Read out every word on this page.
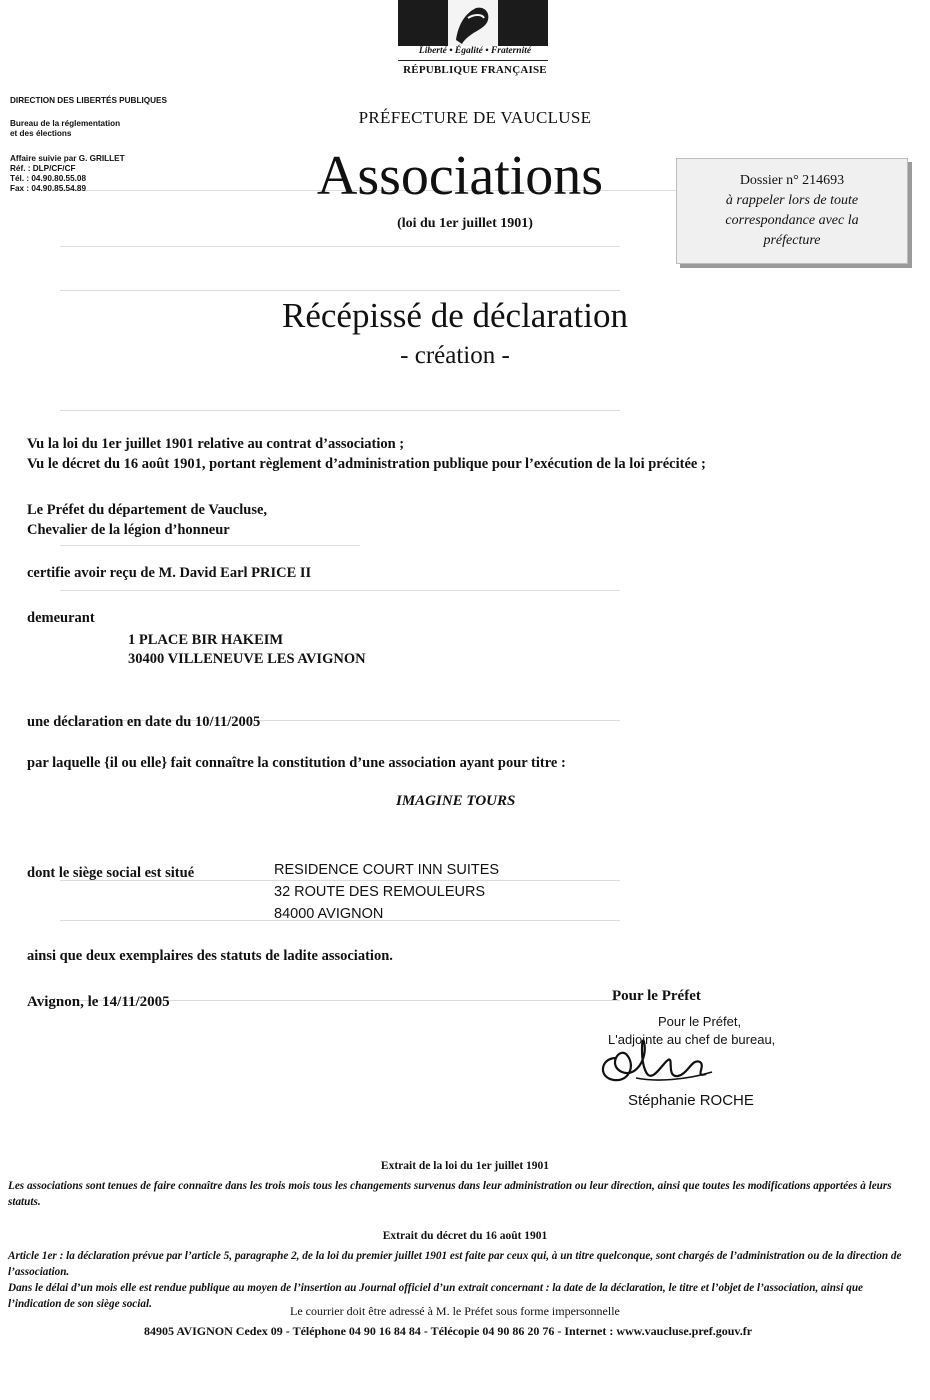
Liberté • Égalité • Fraternité
RÉPUBLIQUE FRANÇAISE
DIRECTION DES LIBERTÉS PUBLIQUES
Bureau de la réglementation
et des élections
Affaire suivie par G. GRILLET
Réf. : DLP/CF/CF
Tél. : 04.90.80.55.08
Fax : 04.90.85.54.89
PRÉFECTURE DE VAUCLUSE
Associations
(loi du 1er juillet 1901)
Dossier n° 214693
à rappeler lors de toute
correspondance avec la
préfecture
Récépissé de déclaration
- création -
Vu la loi du 1er juillet 1901 relative au contrat d’association ;
Vu le décret du 16 août 1901, portant règlement d’administration publique pour l’exécution de la loi précitée ;
Le Préfet du département de Vaucluse,
Chevalier de la légion d’honneur
certifie avoir reçu de M. David Earl PRICE II
demeurant
1 PLACE BIR HAKEIM
30400 VILLENEUVE LES AVIGNON
une déclaration en date du 10/11/2005
par laquelle {il ou elle} fait connaître la constitution d’une association ayant pour titre :
IMAGINE TOURS
dont le siège social est situé	RESIDENCE COURT INN SUITES
32 ROUTE DES REMOULEURS
84000 AVIGNON
ainsi que deux exemplaires des statuts de ladite association.
Avignon, le 14/11/2005	Pour le Préfet
Pour le Préfet,
L'adjointe au chef de bureau,
Stéphanie ROCHE
Extrait de la loi du 1er juillet 1901
Les associations sont tenues de faire connaître dans les trois mois tous les changements survenus dans leur administration ou leur direction, ainsi que toutes les modifications apportées à leurs statuts.
Extrait du décret du 16 août 1901
Article 1er : la déclaration prévue par l’article 5, paragraphe 2, de la loi du premier juillet 1901 est faite par ceux qui, à un titre quelconque, sont chargés de l’administration ou de la direction de l’association.
Dans le délai d’un mois elle est rendue publique au moyen de l’insertion au Journal officiel d’un extrait concernant : la date de la déclaration, le titre et l’objet de l’association, ainsi que l’indication de son siège social.	Le courrier doit être adressé à M. le Préfet sous forme impersonnelle
84905 AVIGNON Cedex 09 - Téléphone 04 90 16 84 84 - Télécopie 04 90 86 20 76 - Internet : www.vaucluse.pref.gouv.fr
